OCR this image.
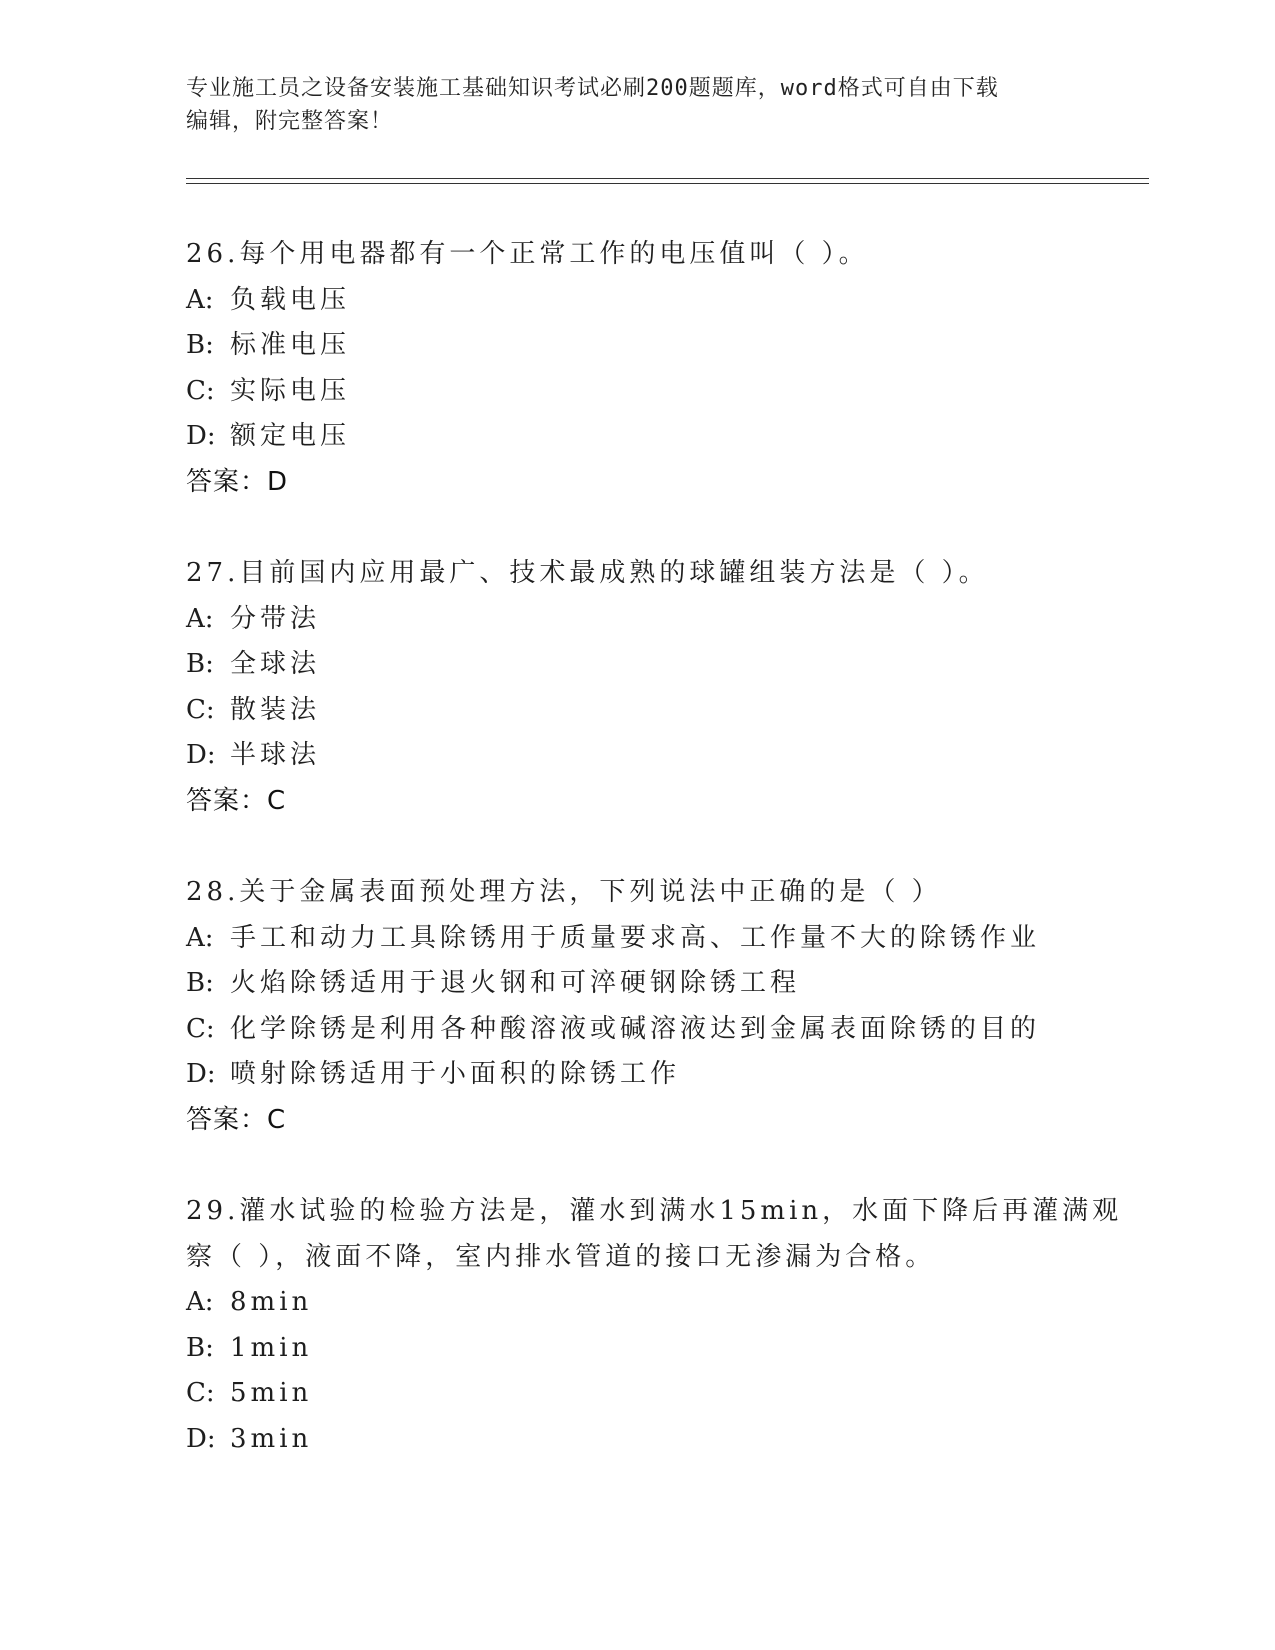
专业施工员之设备安装施工基础知识考试必刷200题题库，word格式可自由下载
编辑，附完整答案！
26.每个用电器都有一个正常工作的电压值叫（ ）。
A: 负载电压
B: 标准电压
C: 实际电压
D: 额定电压
答案：D
27.目前国内应用最广、技术最成熟的球罐组装方法是（ ）。
A: 分带法
B: 全球法
C: 散装法
D: 半球法
答案：C
28.关于金属表面预处理方法，下列说法中正确的是（ ）
A: 手工和动力工具除锈用于质量要求高、工作量不大的除锈作业
B: 火焰除锈适用于退火钢和可淬硬钢除锈工程
C: 化学除锈是利用各种酸溶液或碱溶液达到金属表面除锈的目的
D: 喷射除锈适用于小面积的除锈工作
答案：C
29.灌水试验的检验方法是，灌水到满水15min，水面下降后再灌满观
察（ ），液面不降，室内排水管道的接口无渗漏为合格。
A: 8min
B: 1min
C: 5min
D: 3min
